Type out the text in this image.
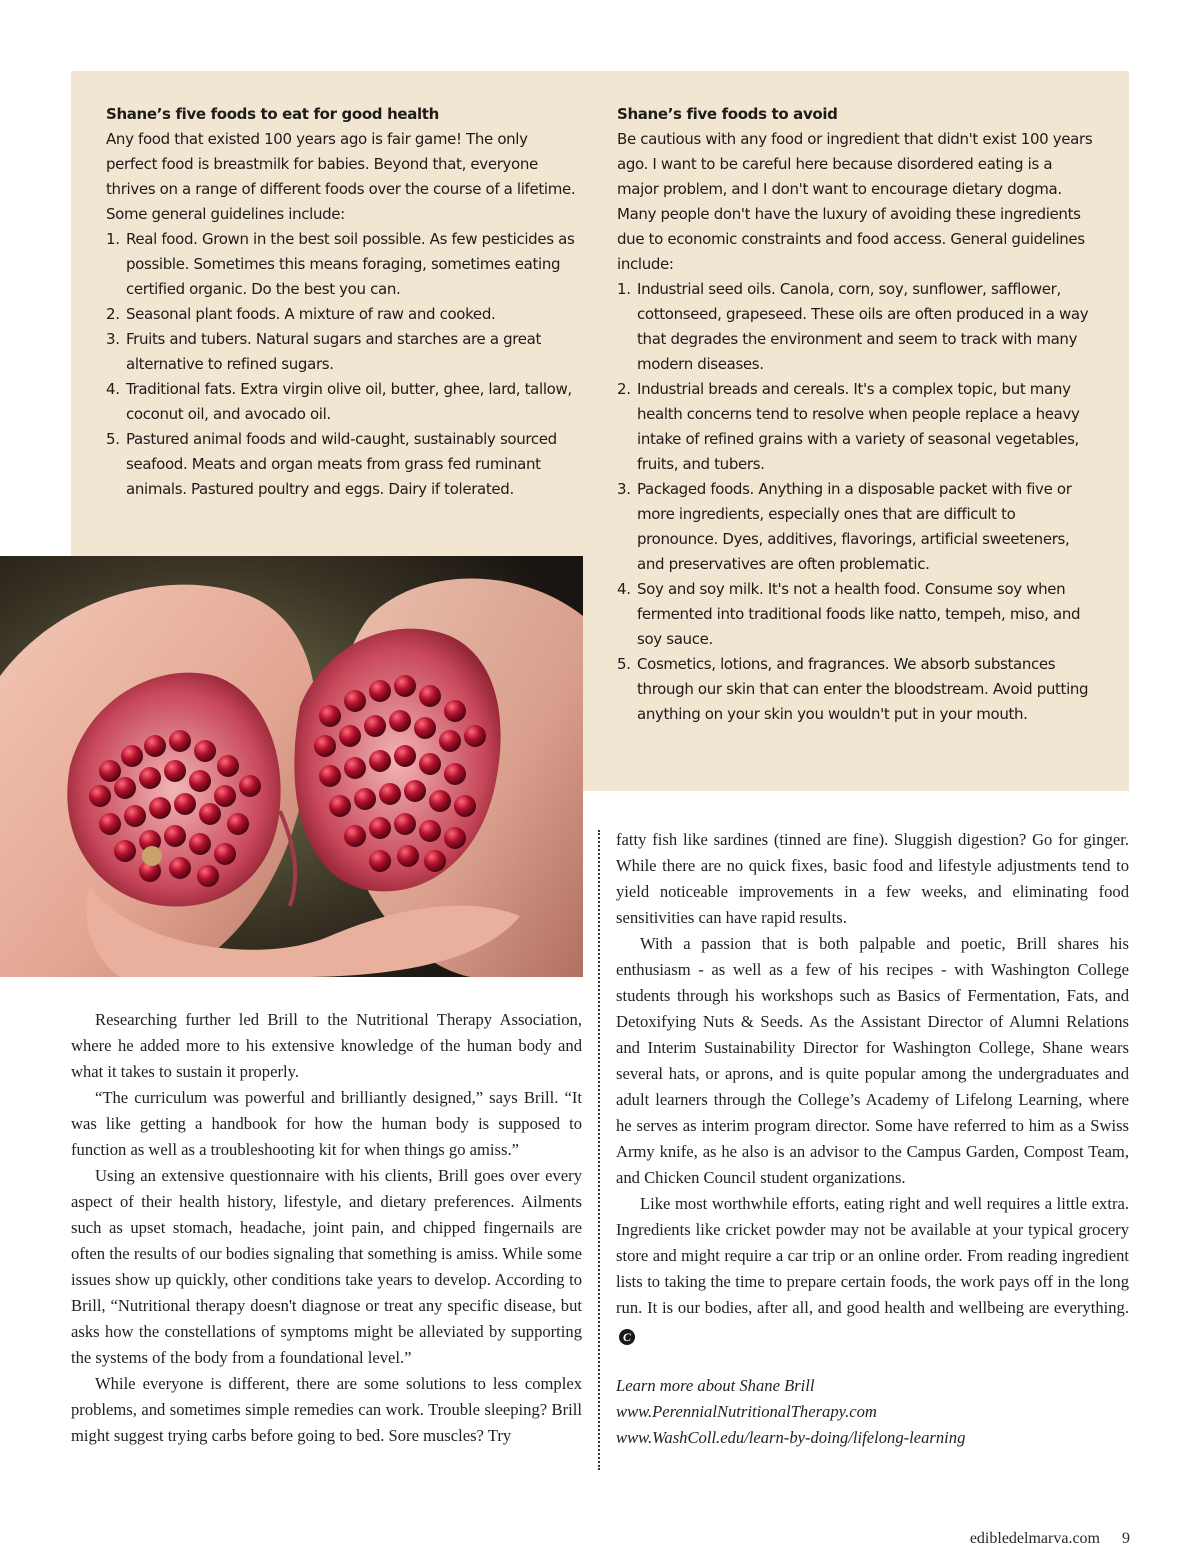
Shane’s five foods to eat for good health

Any food that existed 100 years ago is fair game! The only perfect food is breastmilk for babies. Beyond that, everyone thrives on a range of different foods over the course of a lifetime. Some general guidelines include:

1. Real food. Grown in the best soil possible. As few pesticides as possible. Sometimes this means foraging, sometimes eating certified organic. Do the best you can.
2. Seasonal plant foods. A mixture of raw and cooked.
3. Fruits and tubers. Natural sugars and starches are a great alternative to refined sugars.
4. Traditional fats. Extra virgin olive oil, butter, ghee, lard, tallow, coconut oil, and avocado oil.
5. Pastured animal foods and wild-caught, sustainably sourced seafood. Meats and organ meats from grass fed ruminant animals. Pastured poultry and eggs. Dairy if tolerated.
Shane’s five foods to avoid

Be cautious with any food or ingredient that didn't exist 100 years ago. I want to be careful here because disordered eating is a major problem, and I don't want to encourage dietary dogma. Many people don't have the luxury of avoiding these ingredients due to economic constraints and food access. General guidelines include:

1. Industrial seed oils. Canola, corn, soy, sunflower, safflower, cottonseed, grapeseed. These oils are often produced in a way that degrades the environment and seem to track with many modern diseases.
2. Industrial breads and cereals. It's a complex topic, but many health concerns tend to resolve when people replace a heavy intake of refined grains with a variety of seasonal vegetables, fruits, and tubers.
3. Packaged foods. Anything in a disposable packet with five or more ingredients, especially ones that are difficult to pronounce. Dyes, additives, flavorings, artificial sweeteners, and preservatives are often problematic.
4. Soy and soy milk. It's not a health food. Consume soy when fermented into traditional foods like natto, tempeh, miso, and soy sauce.
5. Cosmetics, lotions, and fragrances. We absorb substances through our skin that can enter the bloodstream. Avoid putting anything on your skin you wouldn't put in your mouth.

Researching further led Brill to the Nutritional Therapy Association, where he added more to his extensive knowledge of the human body and what it takes to sustain it properly.

“The curriculum was powerful and brilliantly designed,” says Brill. “It was like getting a handbook for how the human body is supposed to function as well as a troubleshooting kit for when things go amiss.”

Using an extensive questionnaire with his clients, Brill goes over every aspect of their health history, lifestyle, and dietary preferences. Ailments such as upset stomach, headache, joint pain, and chipped fingernails are often the results of our bodies signaling that something is amiss. While some issues show up quickly, other conditions take years to develop. According to Brill, “Nutritional therapy doesn't diagnose or treat any specific disease, but asks how the constellations of symptoms might be alleviated by supporting the systems of the body from a foundational level.”

While everyone is different, there are some solutions to less complex problems, and sometimes simple remedies can work. Trouble sleeping? Brill might suggest trying carbs before going to bed. Sore muscles? Try

fatty fish like sardines (tinned are fine). Sluggish digestion? Go for ginger. While there are no quick fixes, basic food and lifestyle adjustments tend to yield noticeable improvements in a few weeks, and eliminating food sensitivities can have rapid results.

With a passion that is both palpable and poetic, Brill shares his enthusiasm - as well as a few of his recipes - with Washington College students through his workshops such as Basics of Fermentation, Fats, and Detoxifying Nuts & Seeds. As the Assistant Director of Alumni Relations and Interim Sustainability Director for Washington College, Shane wears several hats, or aprons, and is quite popular among the undergraduates and adult learners through the College’s Academy of Lifelong Learning, where he serves as interim program director. Some have referred to him as a Swiss Army knife, as he also is an advisor to the Campus Garden, Compost Team, and Chicken Council student organizations.

Like most worthwhile efforts, eating right and well requires a little extra. Ingredients like cricket powder may not be available at your typical grocery store and might require a car trip or an online order. From reading ingredient lists to taking the time to prepare certain foods, the work pays off in the long run. It is our bodies, after all, and good health and wellbeing are everything.C

Learn more about Shane Brill
www.PerennialNutritionalTherapy.com
www.WashColl.edu/learn-by-doing/lifelong-learning
edibledelmarva.com 9
